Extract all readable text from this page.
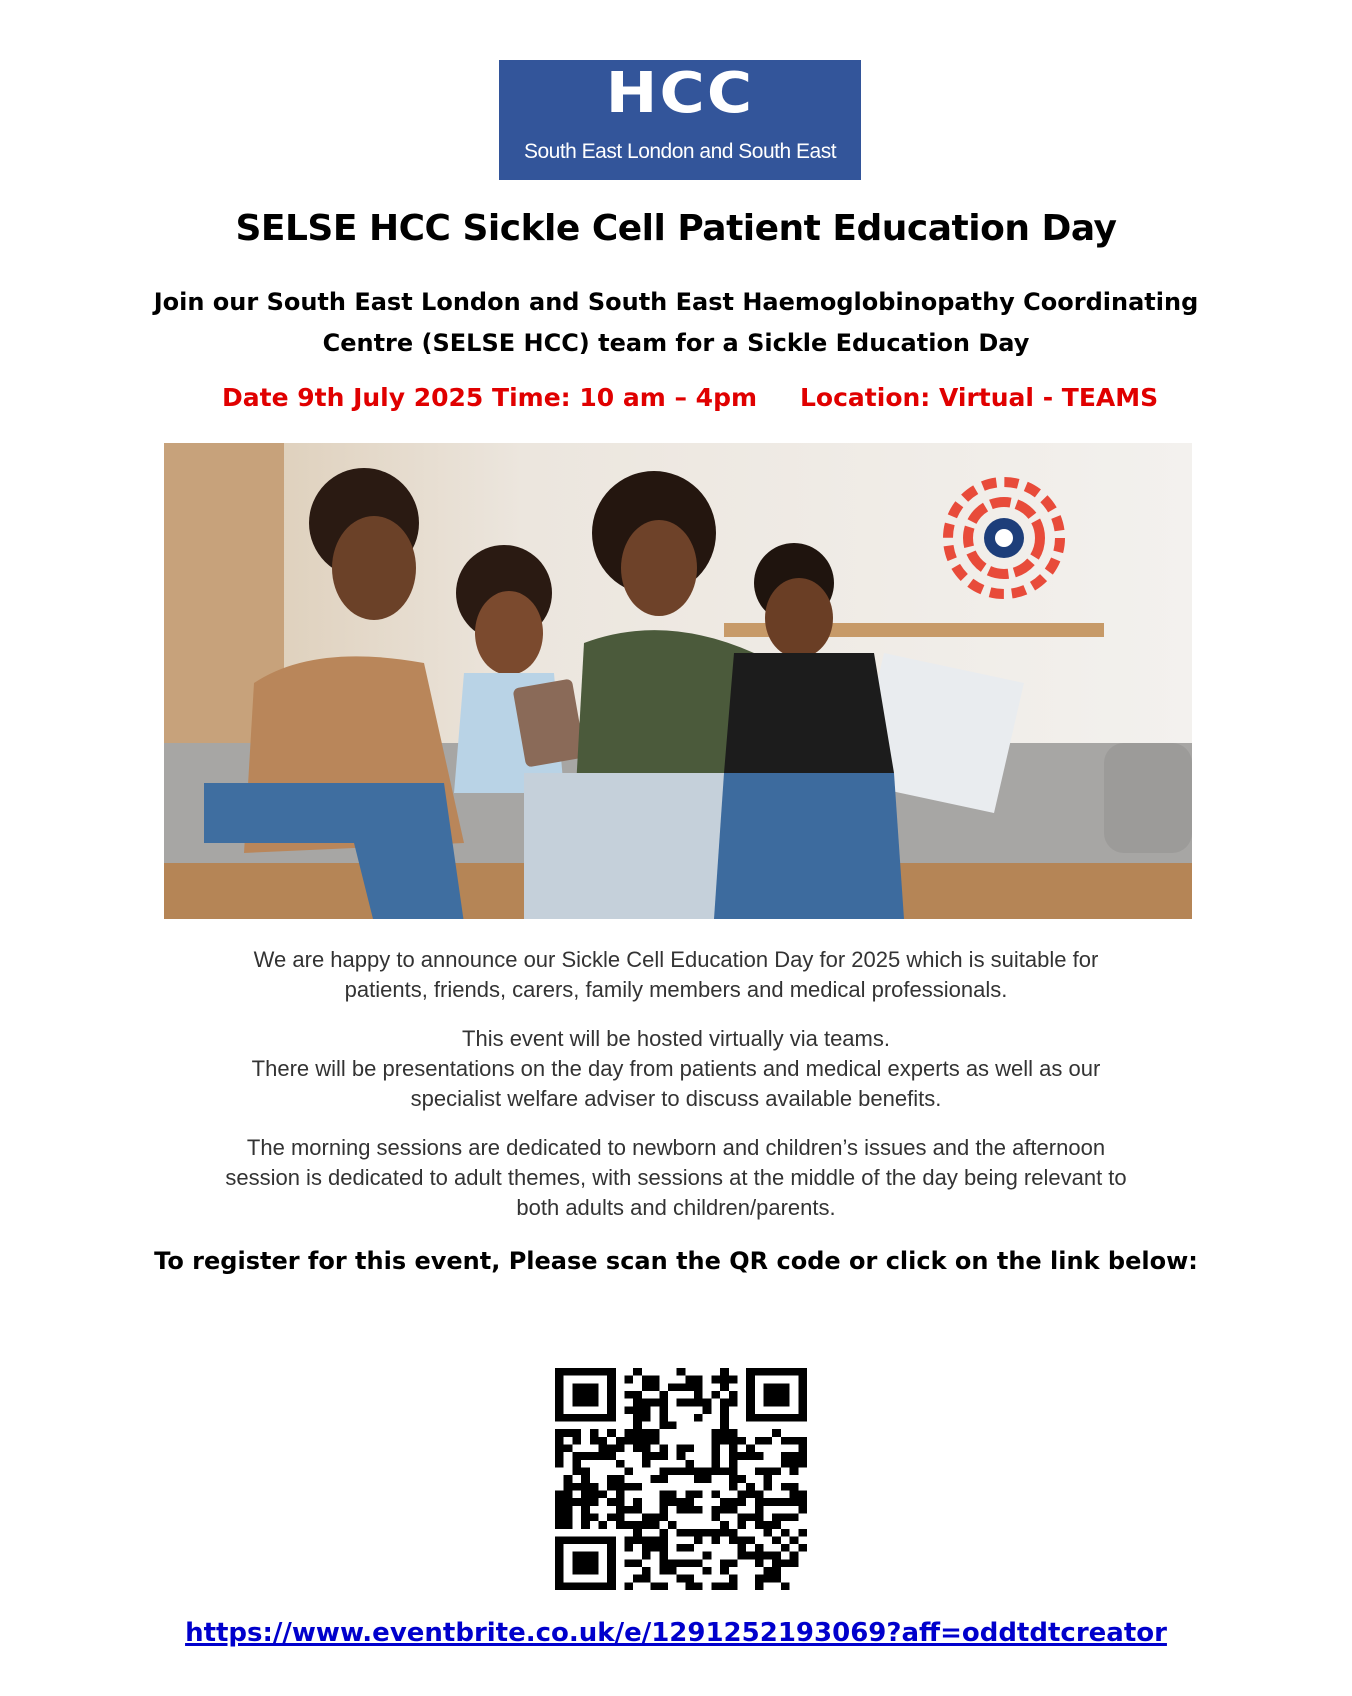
HCC
South East London and South East
SELSE HCC Sickle Cell Patient Education Day
Join our South East London and South East Haemoglobinopathy Coordinating
Centre (SELSE HCC) team for a Sickle Education Day
Date 9th July 2025 Time: 10 am – 4pm Location: Virtual - TEAMS
We are happy to announce our Sickle Cell Education Day for 2025 which is suitable for
patients, friends, carers, family members and medical professionals.
This event will be hosted virtually via teams.
There will be presentations on the day from patients and medical experts as well as our
specialist welfare adviser to discuss available benefits.
The morning sessions are dedicated to newborn and children’s issues and the afternoon
session is dedicated to adult themes, with sessions at the middle of the day being relevant to
both adults and children/parents.
To register for this event, Please scan the QR code or click on the link below:
https://www.eventbrite.co.uk/e/1291252193069?aff=oddtdtcreator
